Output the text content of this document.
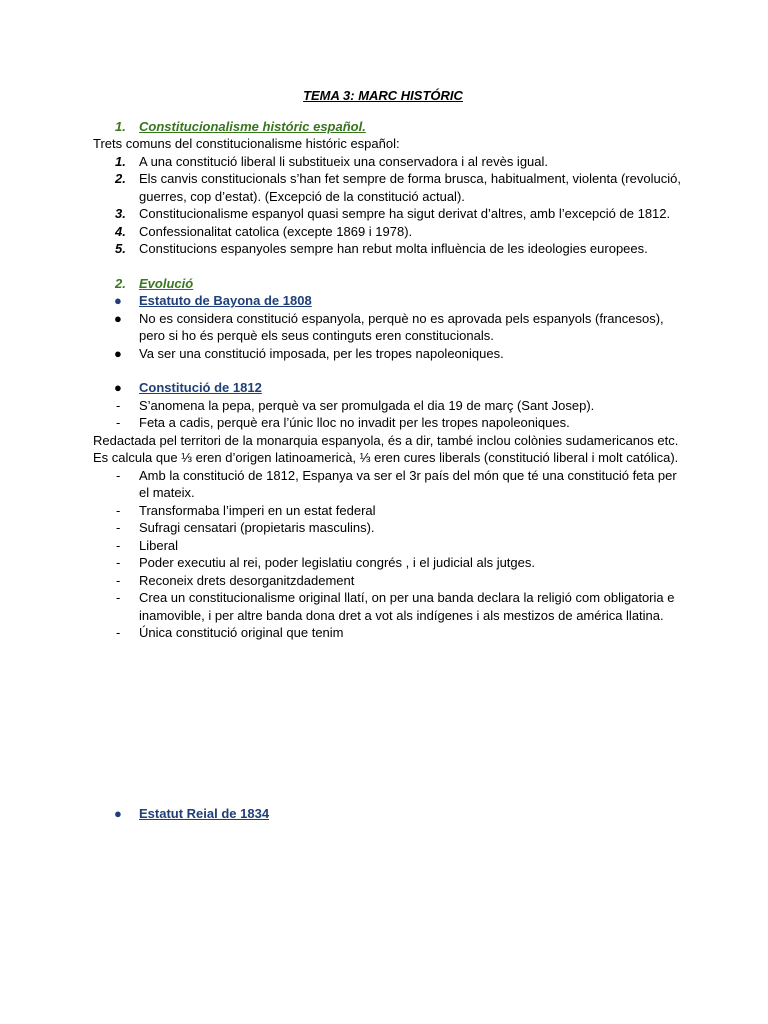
TEMA 3: MARC HISTÓRIC
1. Constitucionalisme históric español.
Trets comuns del constitucionalisme históric español:
1. A una constitució liberal li substitueix una conservadora i al revès igual.
2. Els canvis constitucionals s’han fet sempre de forma brusca, habitualment, violenta (revolució, guerres, cop d’estat). (Excepció de la constitució actual).
3. Constitucionalisme espanyol quasi sempre ha sigut derivat d’altres, amb l’excepció de 1812.
4. Confessionalitat catolica (excepte 1869 i 1978).
5. Constitucions espanyoles sempre han rebut molta influència de les ideologies europees.
2. Evolució
● Estatuto de Bayona de 1808
● No es considera constitució espanyola, perquè no es aprovada pels espanyols (francesos), pero si ho és perquè els seus continguts eren constitucionals.
● Va ser una constitució imposada, per les tropes napoleoniques.
● Constitució de 1812
- S’anomena la pepa, perquè va ser promulgada el dia 19 de març (Sant Josep).
- Feta a cadis, perquè era l’únic lloc no invadit per les tropes napoleoniques.
Redactada pel territori de la monarquia espanyola, és a dir, també inclou colònies sudamericanos etc.
Es calcula que ⅓ eren d’origen latinoamericà, ⅓ eren cures liberals (constitució liberal i molt católica).
- Amb la constitució de 1812, Espanya va ser el 3r país del món que té una constitució feta per el mateix.
- Transformaba l’imperi en un estat federal
- Sufragi censatari (propietaris masculins).
- Liberal
- Poder executiu al rei, poder legislatiu congrés , i el judicial als jutges.
- Reconeix drets desorganitzdadement
- Crea un constitucionalisme original llatí, on per una banda declara la religió com obligatoria e inamovible, i per altre banda dona dret a vot als indígenes i als mestizos de américa llatina.
- Única constitució original que tenim
● Estatut Reial de 1834
